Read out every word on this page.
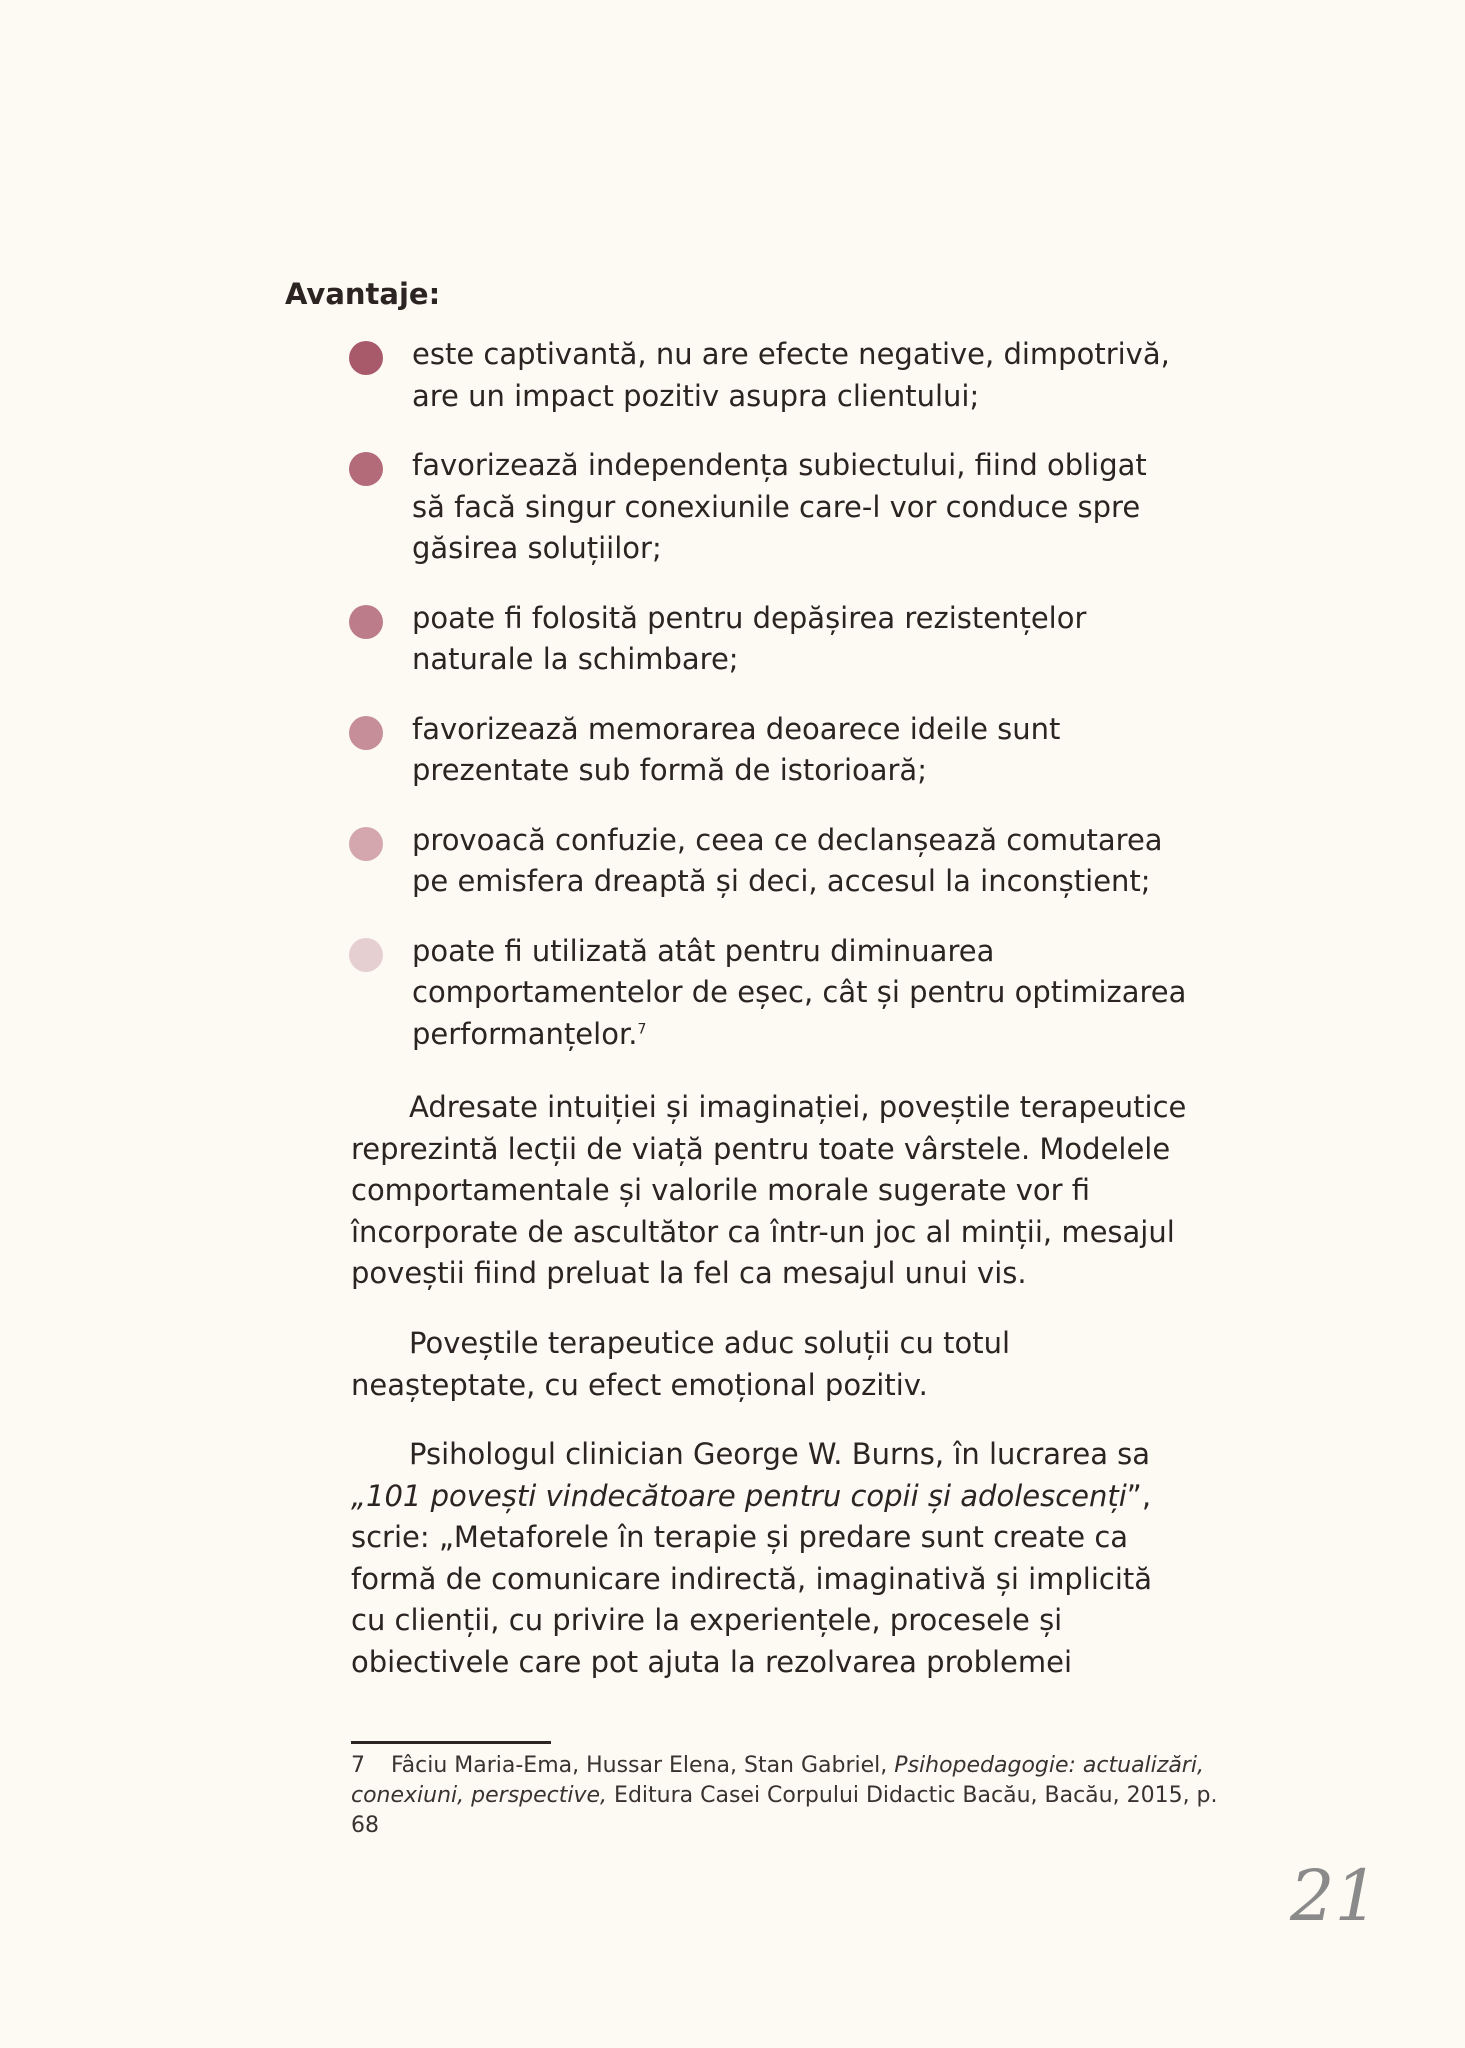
Avantaje:
este captivantă, nu are efecte negative, dimpotrivă,
are un impact pozitiv asupra clientului;
favorizează independența subiectului, fiind obligat
să facă singur conexiunile care-l vor conduce spre
găsirea soluțiilor;
poate fi folosită pentru depășirea rezistențelor
naturale la schimbare;
favorizează memorarea deoarece ideile sunt
prezentate sub formă de istorioară;
provoacă confuzie, ceea ce declanșează comutarea
pe emisfera dreaptă și deci, accesul la inconștient;
poate fi utilizată atât pentru diminuarea
comportamentelor de eșec, cât și pentru optimizarea
performanțelor.$^7$

Adresate intuiției și imaginației, poveștile terapeutice
reprezintă lecții de viață pentru toate vârstele. Modelele
comportamentale și valorile morale sugerate vor fi
încorporate de ascultător ca într-un joc al minții, mesajul
poveștii fiind preluat la fel ca mesajul unui vis.

Poveștile terapeutice aduc soluții cu totul
neașteptate, cu efect emoțional pozitiv.

Psihologul clinician George W. Burns, în lucrarea sa
„101 povești vindecătoare pentru copii și adolescenți”,
scrie: „Metaforele în terapie și predare sunt create ca
formă de comunicare indirectă, imaginativă și implicită
cu clienții, cu privire la experiențele, procesele și
obiectivele care pot ajuta la rezolvarea problemei

7 Fâciu Maria-Ema, Hussar Elena, Stan Gabriel, Psihopedagogie: actualizări,
conexiuni, perspective, Editura Casei Corpului Didactic Bacău, Bacău, 2015, p.
68

21
